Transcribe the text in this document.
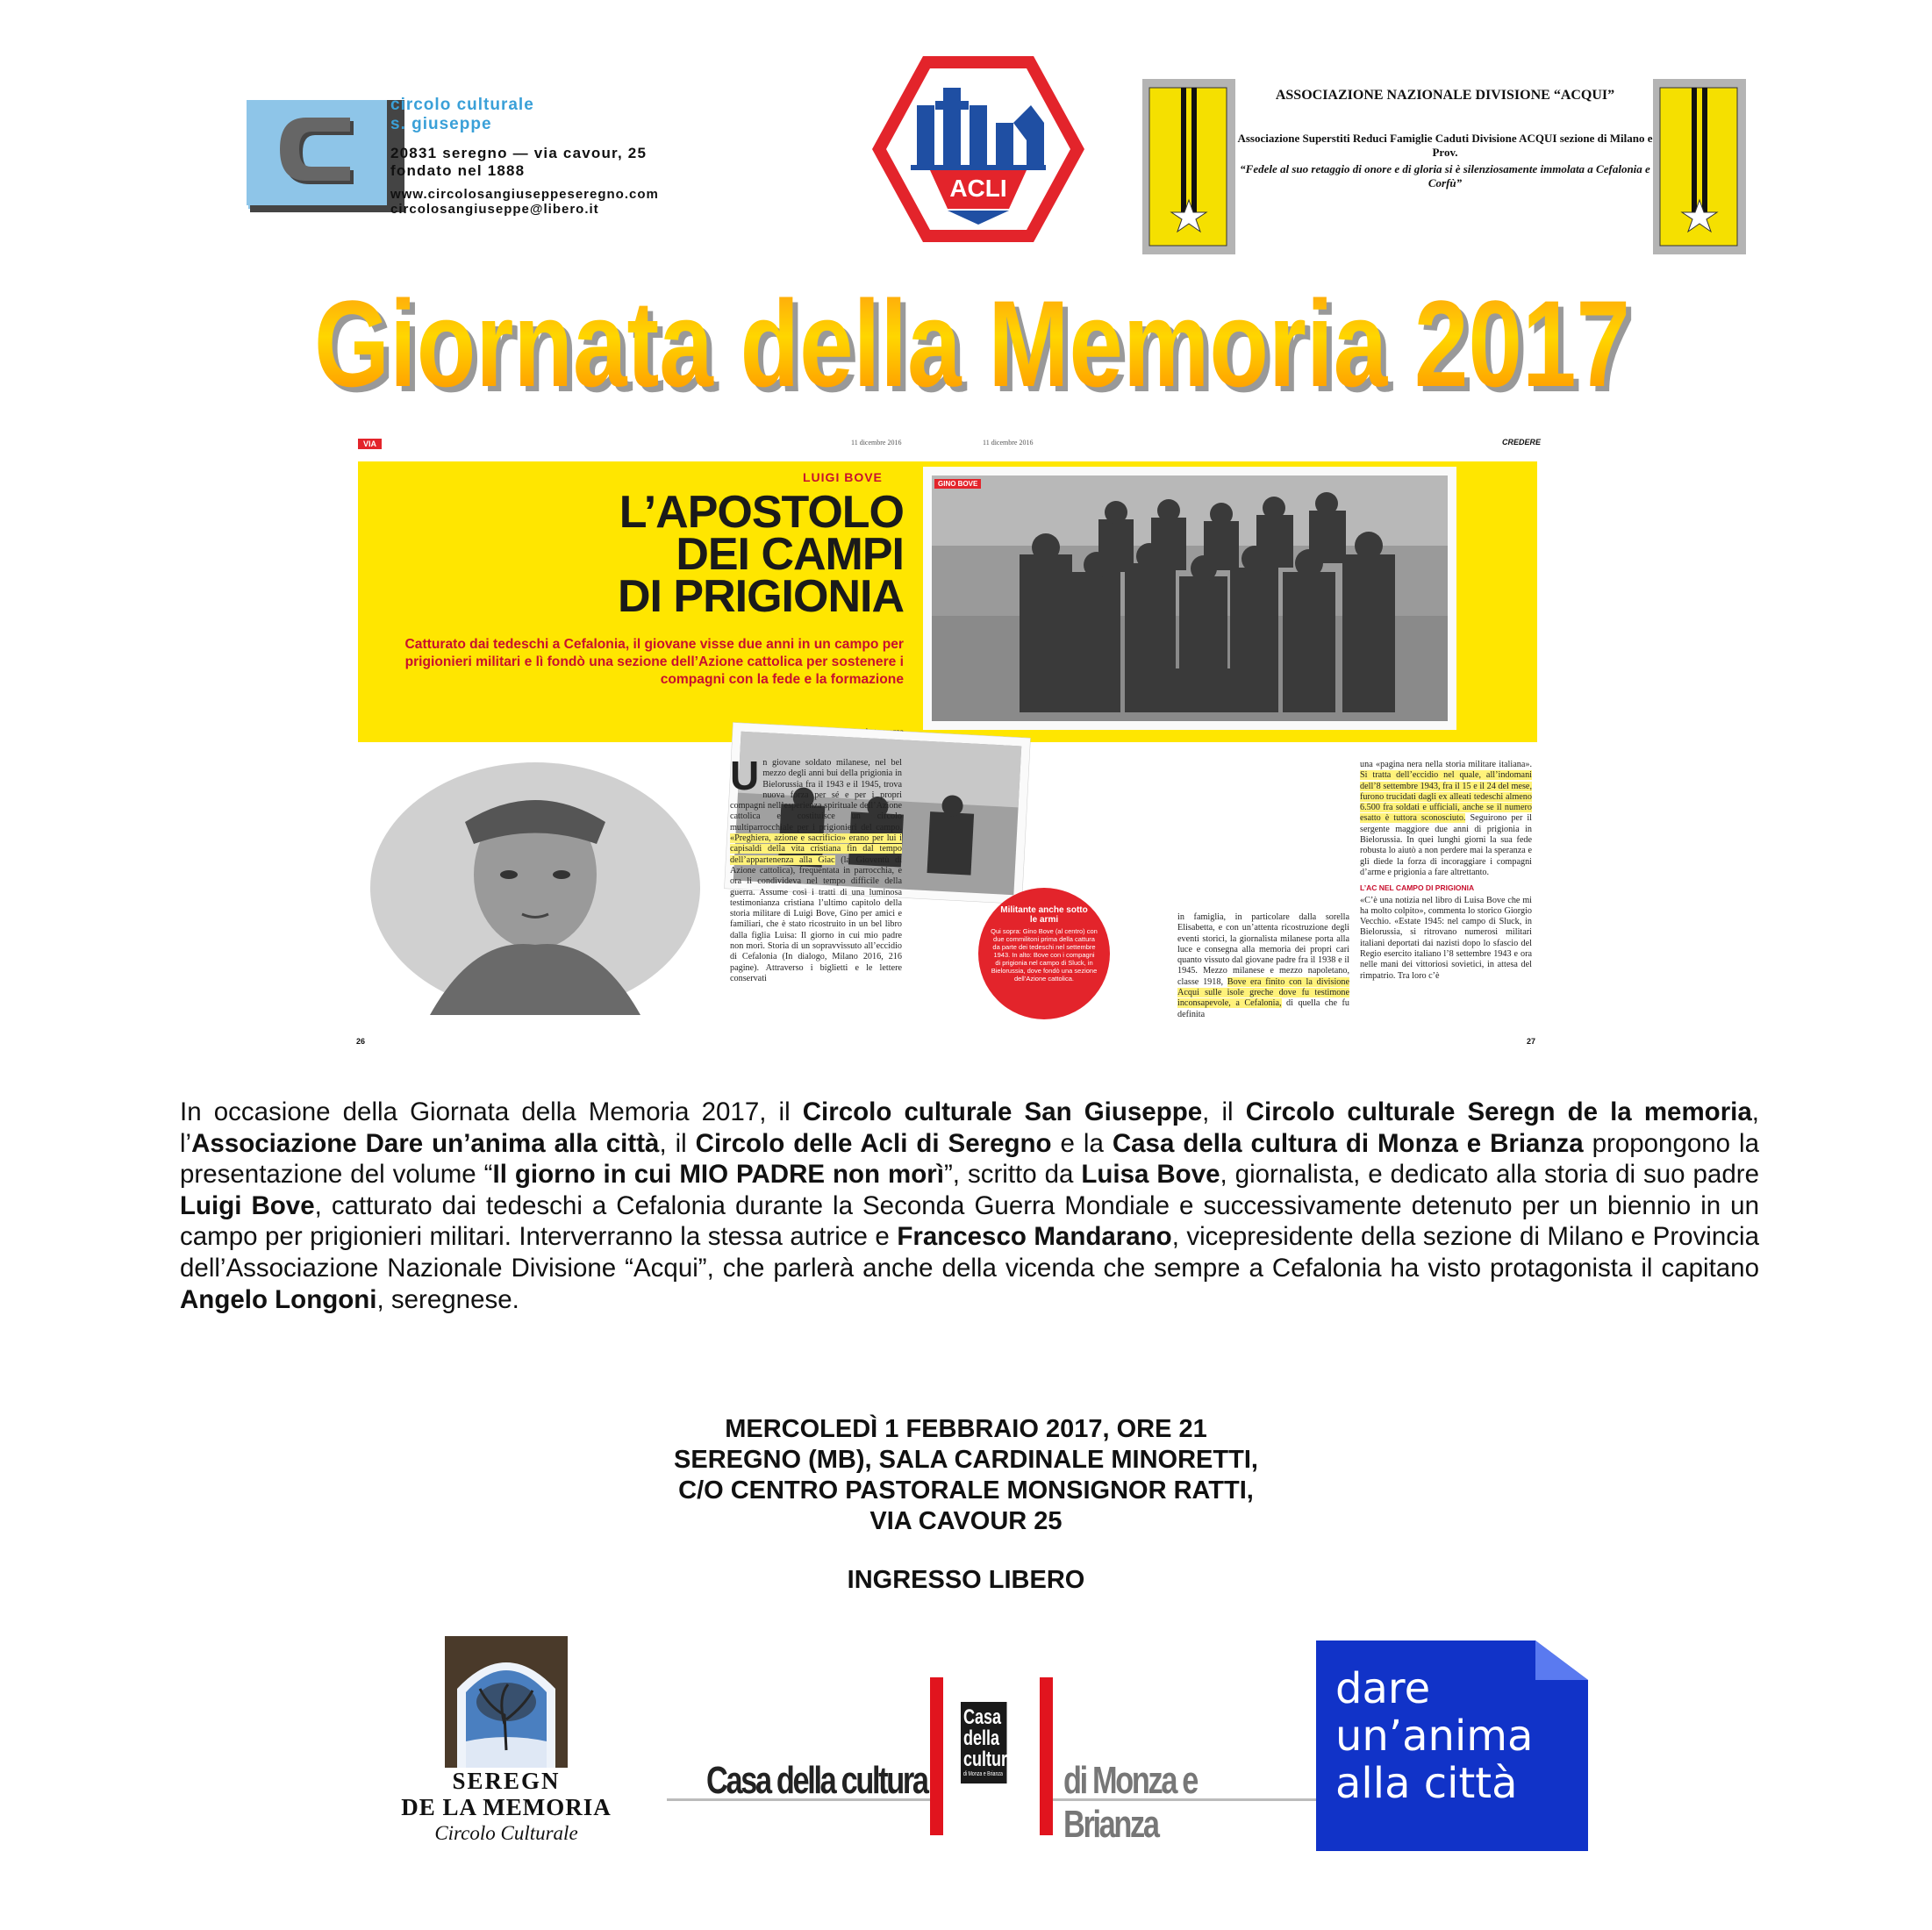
circolo culturale
s. giuseppe
20831 seregno — via cavour, 25
fondato nel 1888
www.circolosangiuseppeseregno.com
circolosangiuseppe@libero.it
ACLI
ASSOCIAZIONE NAZIONALE DIVISIONE “ACQUI”
Associazione Superstiti Reduci Famiglie Caduti Divisione ACQUI sezione di Milano e Prov.
“Fedele al suo retaggio di onore e di gloria si è silenziosamente immolata a Cefalonia e Corfù”
Giornata della Memoria 2017
Giornata della Memoria 2017
VIA	11 dicembre 2016	11 dicembre 2016	CREDERE
LUIGI BOVE
L’APOSTOLO
DEI CAMPI
DI PRIGIONIA
Catturato dai tedeschi a Cefalonia, il giovane visse due anni in un campo per prigionieri militari e lì fondò una sezione dell’Azione cattolica per sostenere i compagni con la fede e la formazione
GINO BOVE
U n giovane soldato milanese, nel bel mezzo degli anni bui della prigionia in Bielorussia fra il 1943 e il 1945, trova nuova forza per sé e per i propri compagni nell’esperienza spirituale dell’Azione cattolica e costituisce un circolo multiparrocchiale per i prigionieri del campo. «Preghiera, azione e sacrificio» erano per lui i capisaldi della vita cristiana fin dal tempo dell’appartenenza alla Giac (la Gioventù di Azione cattolica), frequentata in parrocchia, e ora li condivideva nel tempo difficile della guerra. Assume così i tratti di una luminosa testimonianza cristiana l’ultimo capitolo della storia militare di Luigi Bove, Gino per amici e familiari, che è stato ricostruito in un bel libro dalla figlia Luisa: Il giorno in cui mio padre non morì. Storia di un sopravvissuto all’eccidio di Cefalonia (In dialogo, Milano 2016, 216 pagine). Attraverso i biglietti e le lettere conservati
Militante anche sotto le armi
Qui sopra: Gino Bove (al centro) con due commilitoni prima della cattura da parte dei tedeschi nel settembre 1943. In alto: Bove con i compagni di prigionia nel campo di Sluck, in Bielorussia, dove fondò una sezione dell’Azione cattolica.
in famiglia, in particolare dalla sorella Elisabetta, e con un’attenta ricostruzione degli eventi storici, la giornalista milanese porta alla luce e consegna alla memoria dei propri cari quanto vissuto dal giovane padre fra il 1938 e il 1945. Mezzo milanese e mezzo napoletano, classe 1918, Bove era finito con la divisione Acqui sulle isole greche dove fu testimone inconsapevole, a Cefalonia, di quella che fu definita
una «pagina nera nella storia militare italiana». Si tratta dell’eccidio nel quale, all’indomani dell’8 settembre 1943, fra il 15 e il 24 del mese, furono trucidati dagli ex alleati tedeschi almeno 6.500 fra soldati e ufficiali, anche se il numero esatto è tuttora sconosciuto. Seguirono per il sergente maggiore due anni di prigionia in Bielorussia. In quei lunghi giorni la sua fede robusta lo aiutò a non perdere mai la speranza e gli diede la forza di incoraggiare i compagni d’arme e prigionia a fare altrettanto.
L’AC NEL CAMPO DI PRIGIONIA
«C’è una notizia nel libro di Luisa Bove che mi ha molto colpito», commenta lo storico Giorgio Vecchio. «Estate 1945: nel campo di Sluck, in Bielorussia, si ritrovano numerosi militari italiani deportati dai nazisti dopo lo sfascio del Regio esercito italiano l’8 settembre 1943 e ora nelle mani dei vittoriosi sovietici, in attesa del rimpatrio. Tra loro c’è
26	27
In occasione della Giornata della Memoria 2017, il Circolo culturale San Giuseppe, il Circolo culturale Seregn de la memoria, l’Associazione Dare un’anima alla città, il Circolo delle Acli di Seregno e la Casa della cultura di Monza e Brianza propongono la presentazione del volume “Il giorno in cui MIO PADRE non morì”, scritto da Luisa Bove, giornalista, e dedicato alla storia di suo padre Luigi Bove, catturato dai tedeschi a Cefalonia durante la Seconda Guerra Mondiale e successivamente detenuto per un biennio in un campo per prigionieri militari. Interverranno la stessa autrice e Francesco Mandarano, vicepresidente della sezione di Milano e Provincia dell’Associazione Nazionale Divisione “Acqui”, che parlerà anche della vicenda che sempre a Cefalonia ha visto protagonista il capitano Angelo Longoni, seregnese.
MERCOLEDÌ 1 FEBBRAIO 2017, ORE 21
SEREGNO (MB), SALA CARDINALE MINORETTI,
C/O CENTRO PASTORALE MONSIGNOR RATTI,
VIA CAVOUR 25
INGRESSO LIBERO
SEREGN
DE LA MEMORIA
Circolo Culturale
Casa della cultura
Casa
della
cultura
di Monza e Brianza di Monza e Brianza
dare
un’anima
alla città
